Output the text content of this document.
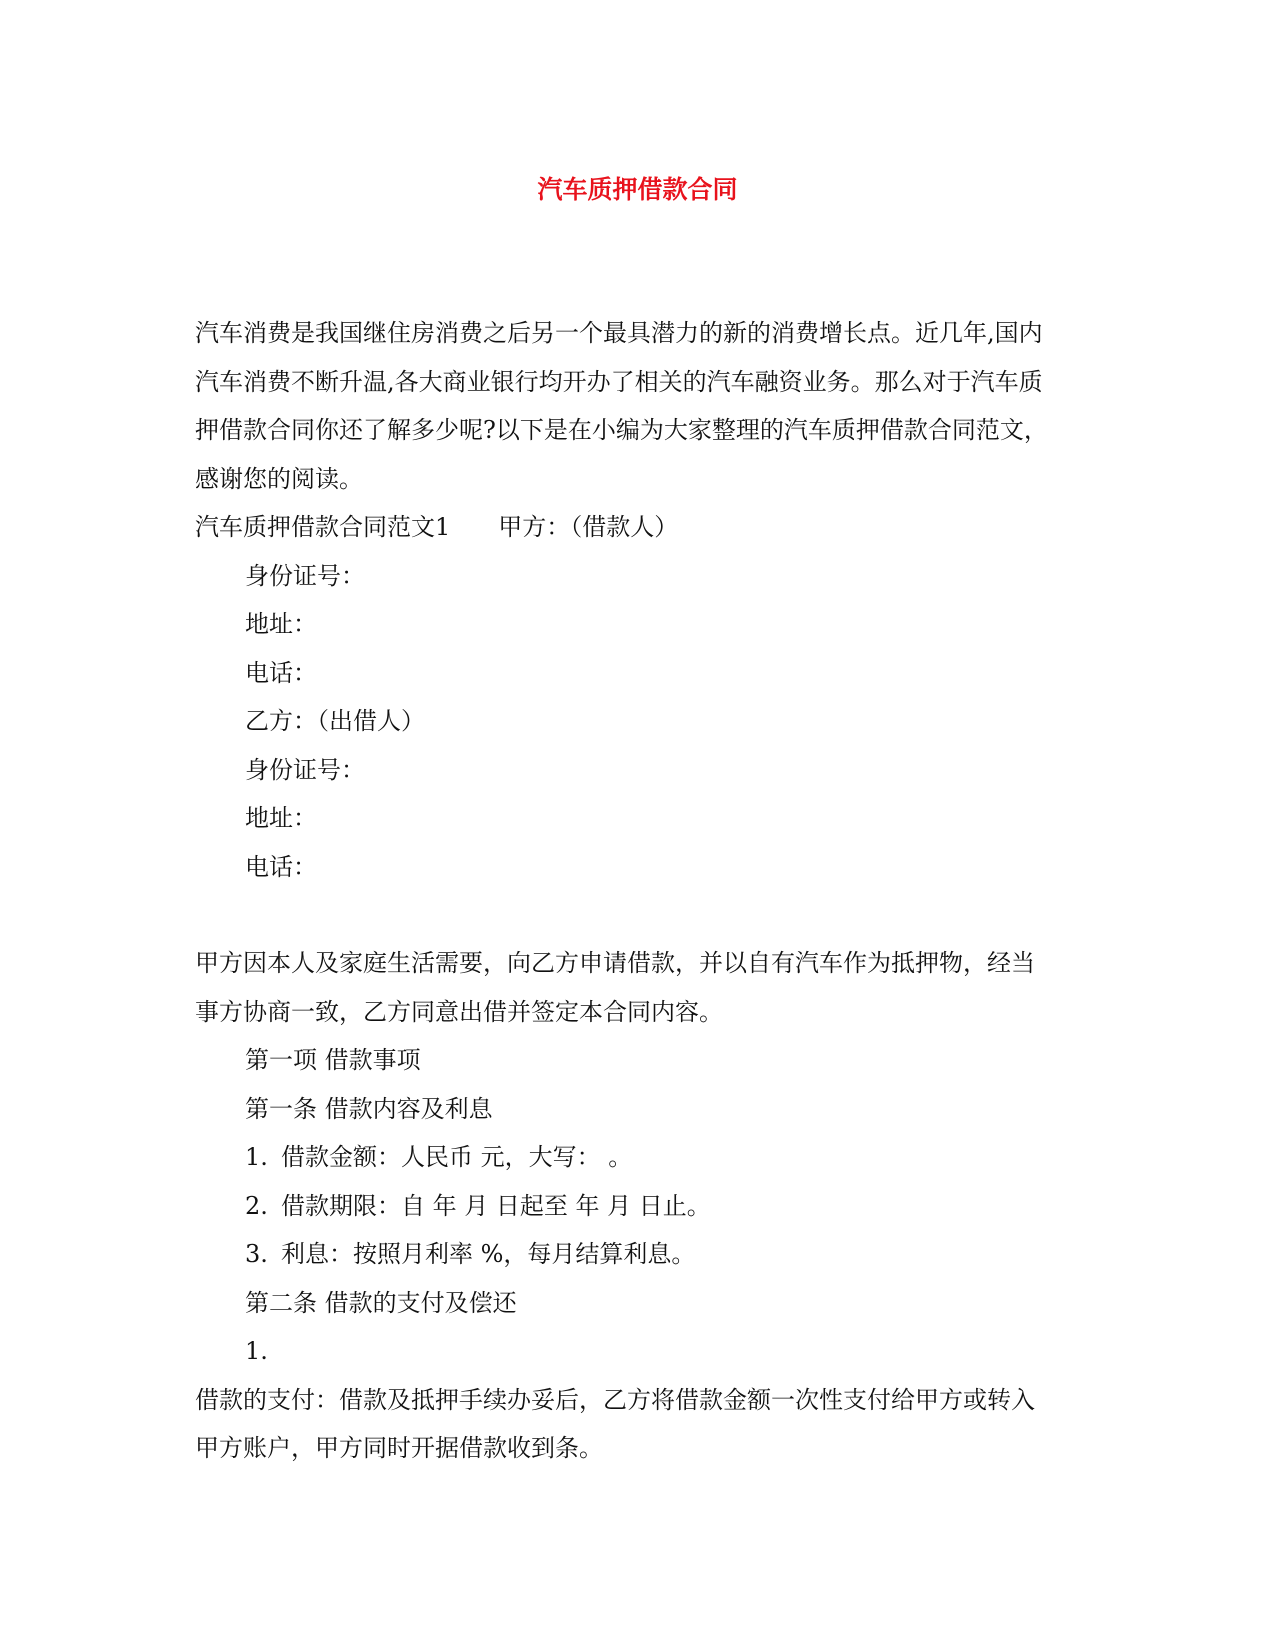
汽车质押借款合同

汽车消费是我国继住房消费之后另一个最具潜力的新的消费增长点。近几年,国内

汽车消费不断升温,各大商业银行均开办了相关的汽车融资业务。那么对于汽车质

押借款合同你还了解多少呢?以下是在小编为大家整理的汽车质押借款合同范文，

感谢您的阅读。

汽车质押借款合同范文1 甲方：（借款人）

身份证号：

地址：

电话：

乙方：（出借人）

身份证号：

地址：

电话：

甲方因本人及家庭生活需要，向乙方申请借款，并以自有汽车作为抵押物，经当

事方协商一致，乙方同意出借并签定本合同内容。

第一项 借款事项

第一条 借款内容及利息

1. 借款金额：人民币 元，大写： 。

2. 借款期限：自 年 月 日起至 年 月 日止。

3. 利息：按照月利率 %，每月结算利息。

第二条 借款的支付及偿还

1.

借款的支付：借款及抵押手续办妥后，乙方将借款金额一次性支付给甲方或转入

甲方账户，甲方同时开据借款收到条。
